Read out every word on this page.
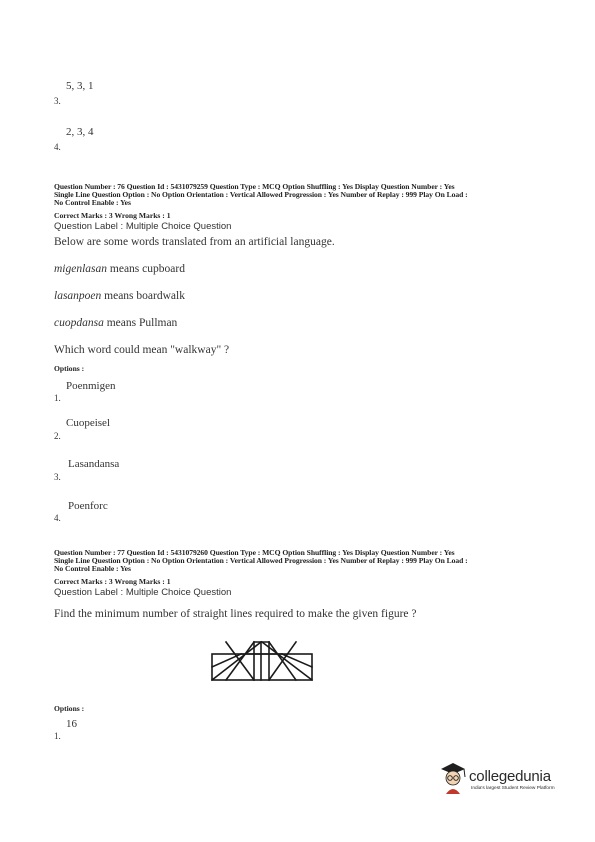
5, 3, 1
3.
2, 3, 4
4.
Question Number : 76 Question Id : 5431079259 Question Type : MCQ Option Shuffling : Yes Display Question Number : Yes
Single Line Question Option : No Option Orientation : Vertical Allowed Progression : Yes Number of Replay : 999 Play On Load :
No Control Enable : Yes
Correct Marks : 3 Wrong Marks : 1
Question Label : Multiple Choice Question
Below are some words translated from an artificial language.
migenlasan means cupboard
lasanpoen means boardwalk
cuopdansa means Pullman
Which word could mean "walkway" ?
Options :
Poenmigen
1.
Cuopeisel
2.
Lasandansa
3.
Poenforc
4.
Question Number : 77 Question Id : 5431079260 Question Type : MCQ Option Shuffling : Yes Display Question Number : Yes
Single Line Question Option : No Option Orientation : Vertical Allowed Progression : Yes Number of Replay : 999 Play On Load :
No Control Enable : Yes
Correct Marks : 3 Wrong Marks : 1
Question Label : Multiple Choice Question
Find the minimum number of straight lines required to make the given figure ?
Options :
16
1.
collegedunia
India's largest Student Review Platform
